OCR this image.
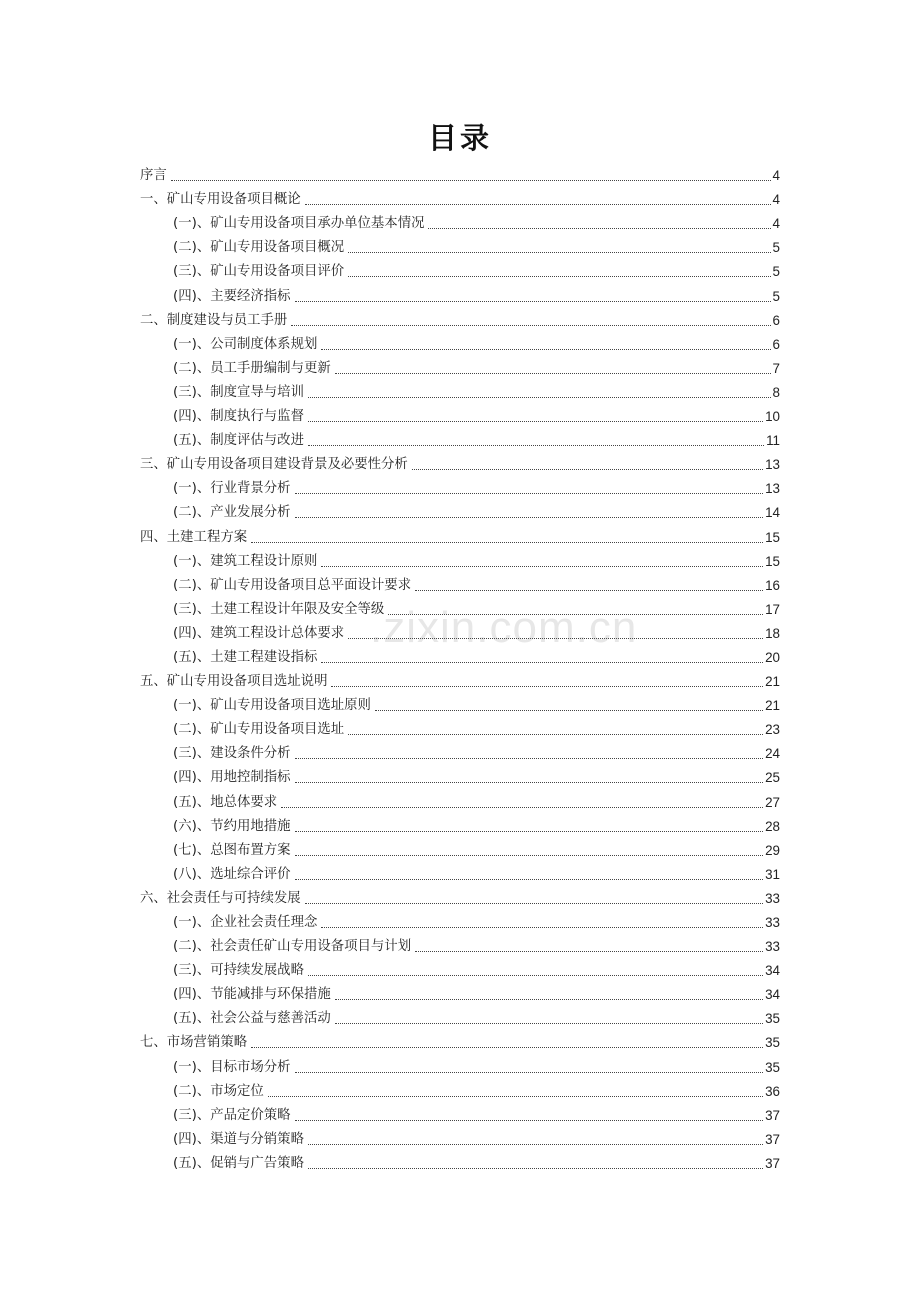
目录
序言	4
一、矿山专用设备项目概论	4
(一)、矿山专用设备项目承办单位基本情况	4
(二)、矿山专用设备项目概况	5
(三)、矿山专用设备项目评价	5
(四)、主要经济指标	5
二、制度建设与员工手册	6
(一)、公司制度体系规划	6
(二)、员工手册编制与更新	7
(三)、制度宣导与培训	8
(四)、制度执行与监督	10
(五)、制度评估与改进	11
三、矿山专用设备项目建设背景及必要性分析	13
(一)、行业背景分析	13
(二)、产业发展分析	14
四、土建工程方案	15
(一)、建筑工程设计原则	15
(二)、矿山专用设备项目总平面设计要求	16
(三)、土建工程设计年限及安全等级	17
(四)、建筑工程设计总体要求	18
(五)、土建工程建设指标	20
五、矿山专用设备项目选址说明	21
(一)、矿山专用设备项目选址原则	21
(二)、矿山专用设备项目选址	23
(三)、建设条件分析	24
(四)、用地控制指标	25
(五)、地总体要求	27
(六)、节约用地措施	28
(七)、总图布置方案	29
(八)、选址综合评价	31
六、社会责任与可持续发展	33
(一)、企业社会责任理念	33
(二)、社会责任矿山专用设备项目与计划	33
(三)、可持续发展战略	34
(四)、节能减排与环保措施	34
(五)、社会公益与慈善活动	35
七、市场营销策略	35
(一)、目标市场分析	35
(二)、市场定位	36
(三)、产品定价策略	37
(四)、渠道与分销策略	37
(五)、促销与广告策略	37
.zixin.com.cn
